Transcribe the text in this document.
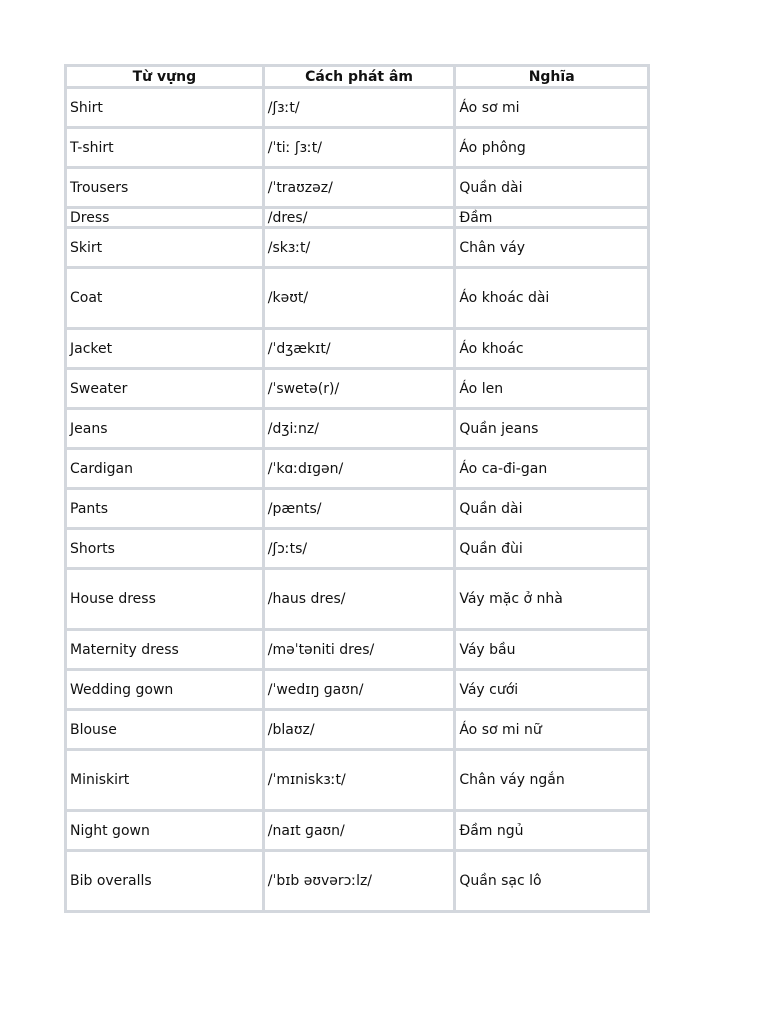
Từ vựng	Cách phát âm	Nghĩa
Shirt	/ʃɜːt/	Áo sơ mi
T-shirt	/ˈtiː ʃɜːt/	Áo phông
Trousers	/ˈtraʊzəz/	Quần dài
Dress	/dres/	Đầm
Skirt	/skɜːt/	Chân váy
Coat	/kəʊt/	Áo khoác dài
Jacket	/ˈdʒækɪt/	Áo khoác
Sweater	/ˈswetə(r)/	Áo len
Jeans	/dʒiːnz/	Quần jeans
Cardigan	/ˈkɑːdɪɡən/	Áo ca-đi-gan
Pants	/pænts/	Quần dài
Shorts	/ʃɔːts/	Quần đùi
House dress	/haus dres/	Váy mặc ở nhà
Maternity dress	/məˈtəniti dres/	Váy bầu
Wedding gown	/ˈwedɪŋ ɡaʊn/	Váy cưới
Blouse	/blaʊz/	Áo sơ mi nữ
Miniskirt	/ˈmɪniskɜːt/	Chân váy ngắn
Night gown	/naɪt ɡaʊn/	Đầm ngủ
Bib overalls	/ˈbɪb əʊvərɔːlz/	Quần sạc lô
